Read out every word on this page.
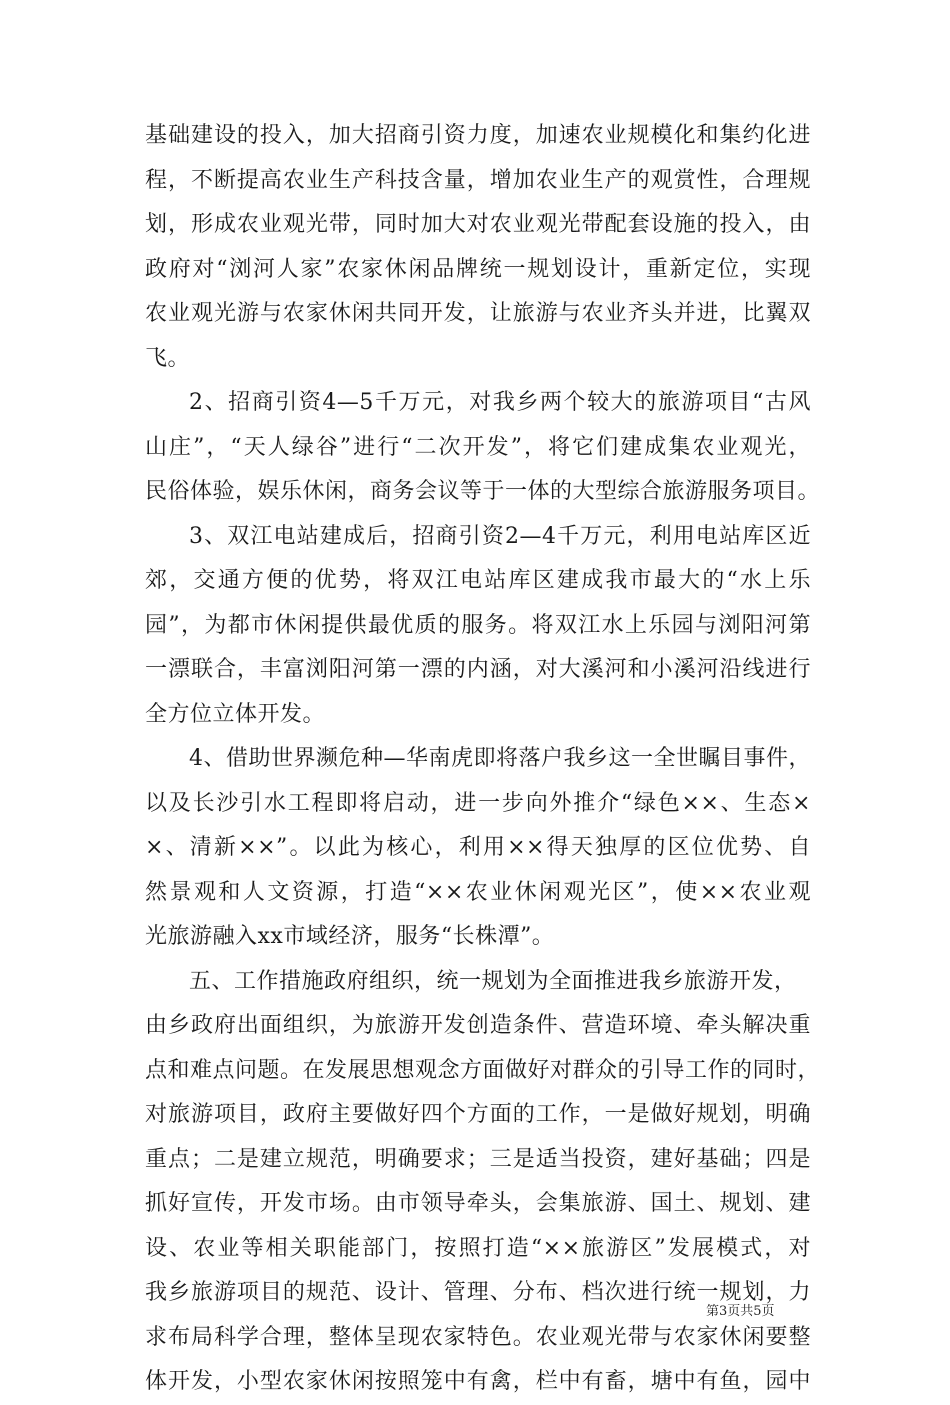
基础建设的投入，加大招商引资力度，加速农业规模化和集约化进
程，不断提高农业生产科技含量，增加农业生产的观赏性，合理规
划，形成农业观光带，同时加大对农业观光带配套设施的投入，由
政府对“浏河人家”农家休闲品牌统一规划设计，重新定位，实现
农业观光游与农家休闲共同开发，让旅游与农业齐头并进，比翼双
飞。
2、招商引资4—5千万元，对我乡两个较大的旅游项目“古风
山庄”，“天人绿谷”进行“二次开发”，将它们建成集农业观光，
民俗体验，娱乐休闲，商务会议等于一体的大型综合旅游服务项目。
3、双江电站建成后，招商引资2—4千万元，利用电站库区近
郊，交通方便的优势，将双江电站库区建成我市最大的“水上乐
园”，为都市休闲提供最优质的服务。将双江水上乐园与浏阳河第
一漂联合，丰富浏阳河第一漂的内涵，对大溪河和小溪河沿线进行
全方位立体开发。
4、借助世界濒危种—华南虎即将落户我乡这一全世瞩目事件，
以及长沙引水工程即将启动，进一步向外推介“绿色××、生态×
×、清新××”。以此为核心，利用××得天独厚的区位优势、自
然景观和人文资源，打造“××农业休闲观光区”，使××农业观
光旅游融入xx市域经济，服务“长株潭”。
五、工作措施政府组织，统一规划为全面推进我乡旅游开发，
由乡政府出面组织，为旅游开发创造条件、营造环境、牵头解决重
点和难点问题。在发展思想观念方面做好对群众的引导工作的同时，
对旅游项目，政府主要做好四个方面的工作，一是做好规划，明确
重点；二是建立规范，明确要求；三是适当投资，建好基础；四是
抓好宣传，开发市场。由市领导牵头，会集旅游、国土、规划、建
设、农业等相关职能部门，按照打造“××旅游区”发展模式，对
我乡旅游项目的规范、设计、管理、分布、档次进行统一规划，力
求布局科学合理，整体呈现农家特色。农业观光带与农家休闲要整
体开发，小型农家休闲按照笼中有禽，栏中有畜，塘中有鱼，园中
第3页共5页
